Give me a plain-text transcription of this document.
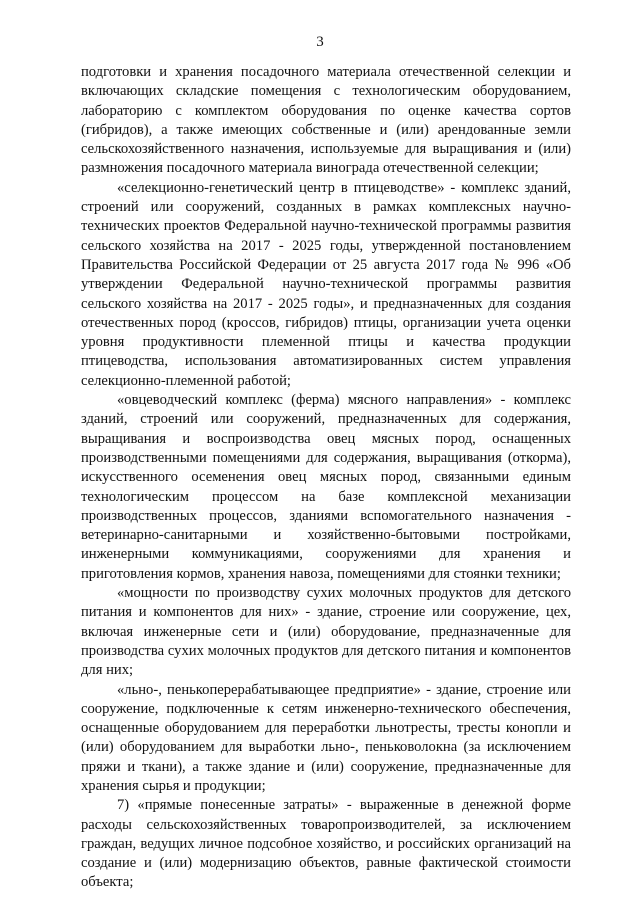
3

подготовки и хранения посадочного материала отечественной селекции и включающих складские помещения с технологическим оборудованием, лабораторию с комплектом оборудования по оценке качества сортов (гибридов), а также имеющих собственные и (или) арендованные земли сельскохозяйственного назначения, используемые для выращивания и (или) размножения посадочного материала винограда отечественной селекции;

«селекционно-генетический центр в птицеводстве» - комплекс зданий, строений или сооружений, созданных в рамках комплексных научно-технических проектов Федеральной научно-технической программы развития сельского хозяйства на 2017 - 2025 годы, утвержденной постановлением Правительства Российской Федерации от 25 августа 2017 года № 996 «Об утверждении Федеральной научно-технической программы развития сельского хозяйства на 2017 - 2025 годы», и предназначенных для создания отечественных пород (кроссов, гибридов) птицы, организации учета оценки уровня продуктивности племенной птицы и качества продукции птицеводства, использования автоматизированных систем управления селекционно-племенной работой;

«овцеводческий комплекс (ферма) мясного направления» - комплекс зданий, строений или сооружений, предназначенных для содержания, выращивания и воспроизводства овец мясных пород, оснащенных производственными помещениями для содержания, выращивания (откорма), искусственного осеменения овец мясных пород, связанными единым технологическим процессом на базе комплексной механизации производственных процессов, зданиями вспомогательного назначения - ветеринарно-санитарными и хозяйственно-бытовыми постройками, инженерными коммуникациями, сооружениями для хранения и приготовления кормов, хранения навоза, помещениями для стоянки техники;

«мощности по производству сухих молочных продуктов для детского питания и компонентов для них» - здание, строение или сооружение, цех, включая инженерные сети и (или) оборудование, предназначенные для производства сухих молочных продуктов для детского питания и компонентов для них;

«льно-, пенькоперерабатывающее предприятие» - здание, строение или сооружение, подключенные к сетям инженерно-технического обеспечения, оснащенные оборудованием для переработки льнотресты, тресты конопли и (или) оборудованием для выработки льно-, пеньковолокна (за исключением пряжи и ткани), а также здание и (или) сооружение, предназначенные для хранения сырья и продукции;

7) «прямые понесенные затраты» - выраженные в денежной форме расходы сельскохозяйственных товаропроизводителей, за исключением граждан, ведущих личное подсобное хозяйство, и российских организаций на создание и (или) модернизацию объектов, равные фактической стоимости объекта;
